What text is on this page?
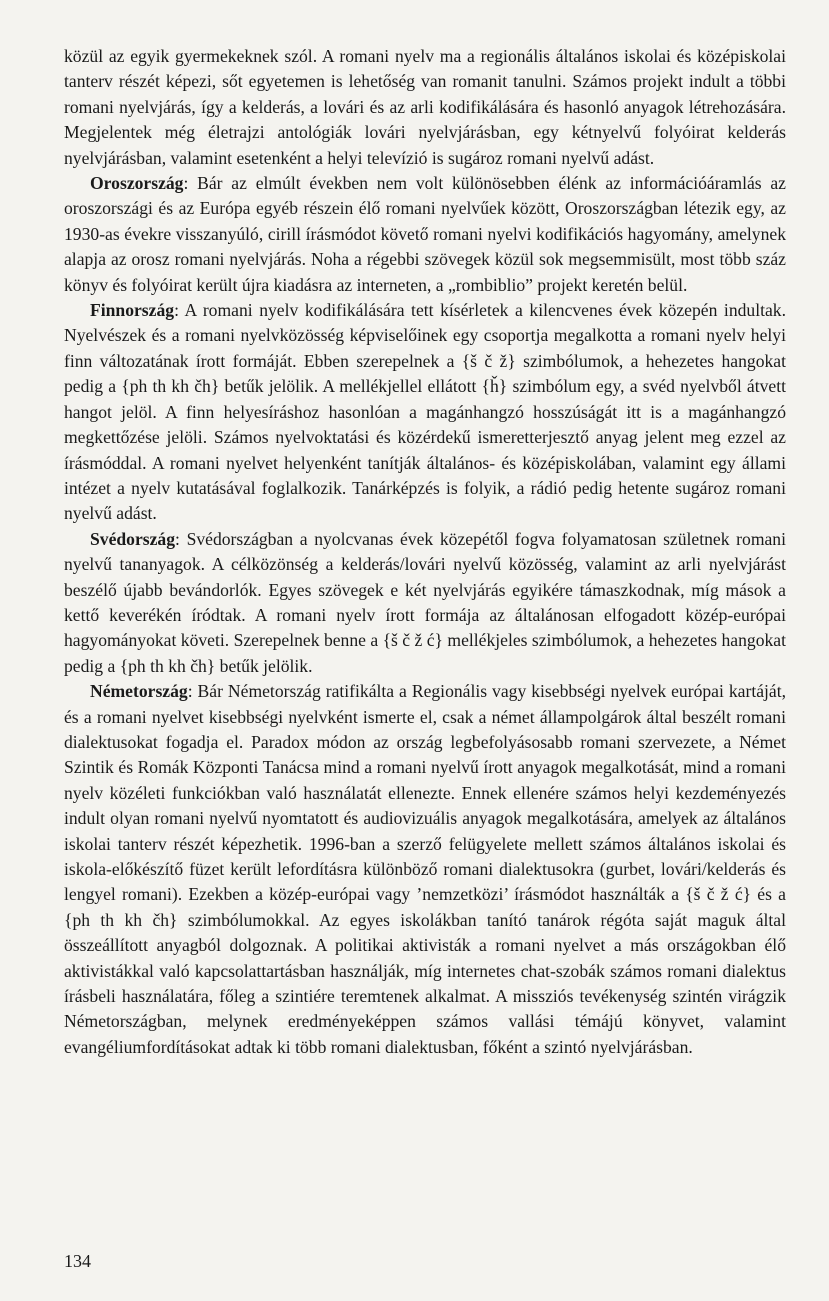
közül az egyik gyermekeknek szól. A romani nyelv ma a regionális általános iskolai és középiskolai tanterv részét képezi, sőt egyetemen is lehetőség van romanit tanulni. Számos projekt indult a többi romani nyelvjárás, így a kelderás, a lovári és az arli kodifikálására és hasonló anyagok létrehozására. Megjelentek még életrajzi antológiák lovári nyelvjárásban, egy kétnyelvű folyóirat kelderás nyelvjárásban, valamint esetenként a helyi televízió is sugároz romani nyelvű adást.

Oroszország: Bár az elmúlt években nem volt különösebben élénk az információáramlás az oroszországi és az Európa egyéb részein élő romani nyelvűek között, Oroszországban létezik egy, az 1930-as évekre visszanyúló, cirill írásmódot követő romani nyelvi kodifikációs hagyomány, amelynek alapja az orosz romani nyelvjárás. Noha a régebbi szövegek közül sok megsemmisült, most több száz könyv és folyóirat került újra kiadásra az interneten, a „rombiblio” projekt keretén belül.

Finnország: A romani nyelv kodifikálására tett kísérletek a kilencvenes évek közepén indultak. Nyelvészek és a romani nyelvközösség képviselőinek egy csoportja megalkotta a romani nyelv helyi finn változatának írott formáját. Ebben szerepelnek a {š č ž} szimbólumok, a hehezetes hangokat pedig a {ph th kh čh} betűk jelölik. A mellékjellel ellátott {ȟ} szimbólum egy, a svéd nyelvből átvett hangot jelöl. A finn helyesíráshoz hasonlóan a magánhangzó hosszúságát itt is a magánhangzó megkettőzése jelöli. Számos nyelvoktatási és közérdekű ismeretterjesztő anyag jelent meg ezzel az írásmóddal. A romani nyelvet helyenként tanítják általános- és középiskolában, valamint egy állami intézet a nyelv kutatásával foglalkozik. Tanárképzés is folyik, a rádió pedig hetente sugároz romani nyelvű adást.

Svédország: Svédországban a nyolcvanas évek közepétől fogva folyamatosan születnek romani nyelvű tananyagok. A célközönség a kelderás/lovári nyelvű közösség, valamint az arli nyelvjárást beszélő újabb bevándorlók. Egyes szövegek e két nyelvjárás egyikére támaszkodnak, míg mások a kettő keverékén íródtak. A romani nyelv írott formája az általánosan elfogadott közép-európai hagyományokat követi. Szerepelnek benne a {š č ž ć} mellékjeles szimbólumok, a hehezetes hangokat pedig a {ph th kh čh} betűk jelölik.

Németország: Bár Németország ratifikálta a Regionális vagy kisebbségi nyelvek európai kartáját, és a romani nyelvet kisebbségi nyelvként ismerte el, csak a német állampolgárok által beszélt romani dialektusokat fogadja el. Paradox módon az ország legbefolyásosabb romani szervezete, a Német Szintik és Romák Központi Tanácsa mind a romani nyelvű írott anyagok megalkotását, mind a romani nyelv közéleti funkciókban való használatát ellenezte. Ennek ellenére számos helyi kezdeményezés indult olyan romani nyelvű nyomtatott és audiovizuális anyagok megalkotására, amelyek az általános iskolai tanterv részét képezhetik. 1996-ban a szerző felügyelete mellett számos általános iskolai és iskola-előkészítő füzet került lefordításra különböző romani dialektusokra (gurbet, lovári/kelderás és lengyel romani). Ezekben a közép-európai vagy ’nemzetközi’ írásmódot használták a {š č ž ć} és a {ph th kh čh} szimbólumokkal. Az egyes iskolákban tanító tanárok régóta saját maguk által összeállított anyagból dolgoznak. A politikai aktivisták a romani nyelvet a más országokban élő aktivistákkal való kapcsolattartásban használják, míg internetes chat-szobák számos romani dialektus írásbeli használatára, főleg a szintiére teremtenek alkalmat. A missziós tevékenység szintén virágzik Németországban, melynek eredményeképpen számos vallási témájú könyvet, valamint evangéliumfordításokat adtak ki több romani dialektusban, főként a szintó nyelvjárásban.

134
